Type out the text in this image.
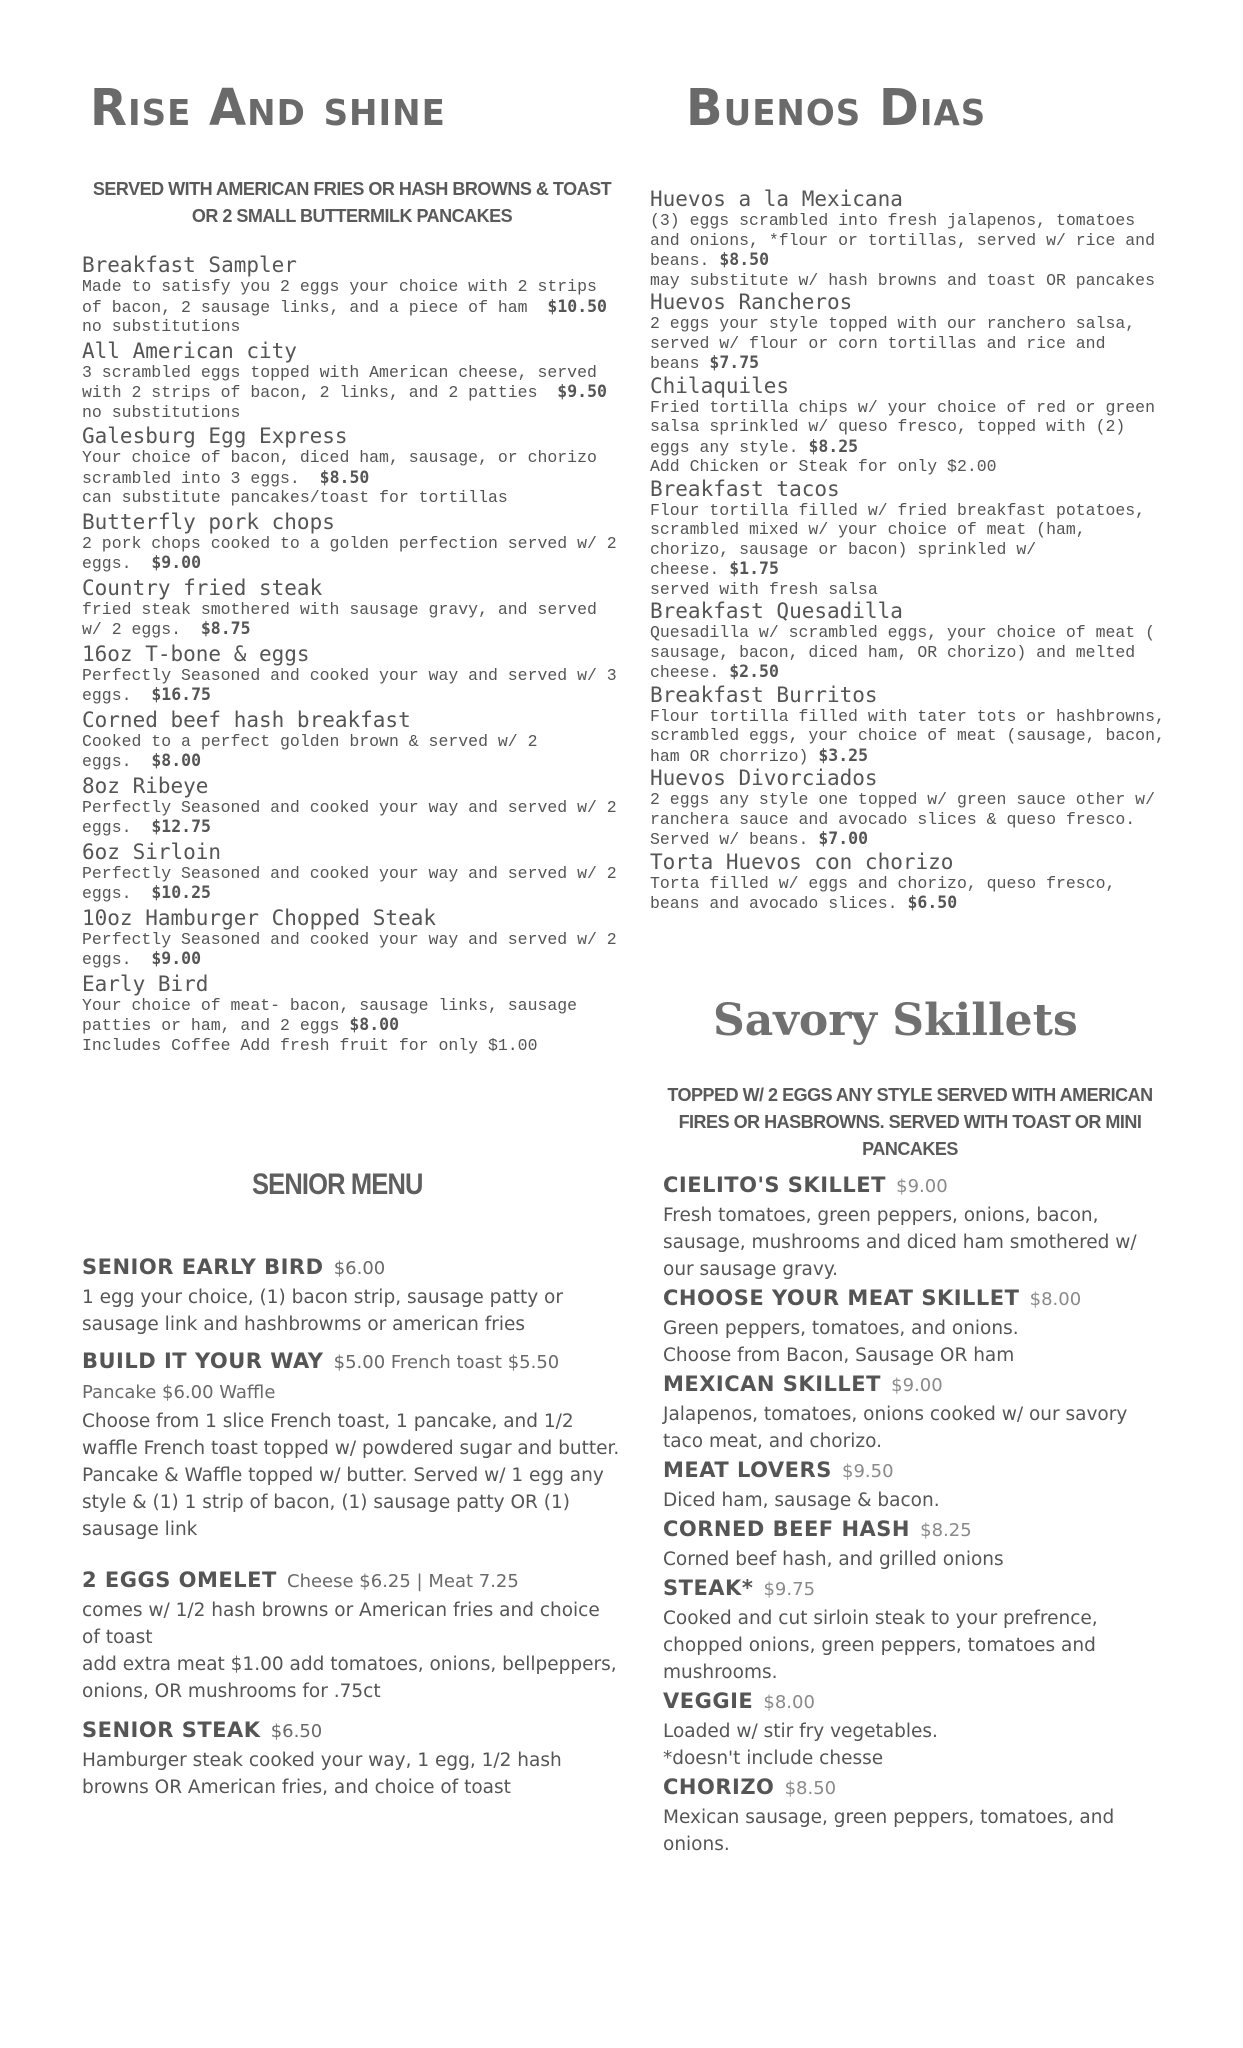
Rise And shine

SERVED WITH AMERICAN FRIES OR HASH BROWNS & TOAST OR 2 SMALL BUTTERMILK PANCAKES

Breakfast Sampler
Made to satisfy you 2 eggs your choice with 2 strips of bacon, 2 sausage links, and a piece of ham $10.50
no substitutions
All American city
3 scrambled eggs topped with American cheese, served with 2 strips of bacon, 2 links, and 2 patties $9.50
no substitutions
Galesburg Egg Express
Your choice of bacon, diced ham, sausage, or chorizo scrambled into 3 eggs. $8.50
can substitute pancakes/toast for tortillas
Butterfly pork chops
2 pork chops cooked to a golden perfection served w/ 2 eggs. $9.00
Country fried steak
fried steak smothered with sausage gravy, and served w/ 2 eggs. $8.75
16oz T-bone & eggs
Perfectly Seasoned and cooked your way and served w/ 3 eggs. $16.75
Corned beef hash breakfast
Cooked to a perfect golden brown & served w/ 2 eggs. $8.00
8oz Ribeye
Perfectly Seasoned and cooked your way and served w/ 2 eggs. $12.75
6oz Sirloin
Perfectly Seasoned and cooked your way and served w/ 2 eggs. $10.25
10oz Hamburger Chopped Steak
Perfectly Seasoned and cooked your way and served w/ 2 eggs. $9.00
Early Bird
Your choice of meat- bacon, sausage links, sausage patties or ham, and 2 eggs $8.00
Includes Coffee Add fresh fruit for only $1.00
SENIOR MENU
SENIOR EARLY BIRD $6.00
1 egg your choice, (1) bacon strip, sausage patty or sausage link and hashbrowms or american fries
BUILD IT YOUR WAY $5.00 French toast $5.50 Pancake $6.00 Waffle
Choose from 1 slice French toast, 1 pancake, and 1/2 waffle French toast topped w/ powdered sugar and butter. Pancake & Waffle topped w/ butter. Served w/ 1 egg any style & (1) 1 strip of bacon, (1) sausage patty OR (1) sausage link
2 EGGS OMELET Cheese $6.25 | Meat 7.25
comes w/ 1/2 hash browns or American fries and choice of toast
add extra meat $1.00 add tomatoes, onions, bellpeppers, onions, OR mushrooms for .75ct
SENIOR STEAK $6.50
Hamburger steak cooked your way, 1 egg, 1/2 hash browns OR American fries, and choice of toast
Buenos Dias
Huevos a la Mexicana
(3) eggs scrambled into fresh jalapenos, tomatoes and onions, *flour or tortillas, served w/ rice and beans. $8.50
may substitute w/ hash browns and toast OR pancakes
Huevos Rancheros
2 eggs your style topped with our ranchero salsa, served w/ flour or corn tortillas and rice and beans $7.75
Chilaquiles
Fried tortilla chips w/ your choice of red or green salsa sprinkled w/ queso fresco, topped with (2) eggs any style. $8.25
Add Chicken or Steak for only $2.00
Breakfast tacos
Flour tortilla filled w/ fried breakfast potatoes, scrambled mixed w/ your choice of meat (ham, chorizo, sausage or bacon) sprinkled w/ cheese. $1.75
served with fresh salsa
Breakfast Quesadilla
Quesadilla w/ scrambled eggs, your choice of meat ( sausage, bacon, diced ham, OR chorizo) and melted cheese. $2.50
Breakfast Burritos
Flour tortilla filled with tater tots or hashbrowns, scrambled eggs, your choice of meat (sausage, bacon, ham OR chorrizo) $3.25
Huevos Divorciados
2 eggs any style one topped w/ green sauce other w/ ranchera sauce and avocado slices & queso fresco. Served w/ beans. $7.00
Torta Huevos con chorizo
Torta filled w/ eggs and chorizo, queso fresco, beans and avocado slices. $6.50
Savory Skillets

TOPPED W/ 2 EGGS ANY STYLE SERVED WITH AMERICAN FIRES OR HASBROWNS. SERVED WITH TOAST OR MINI PANCAKES

CIELITO'S SKILLET $9.00
Fresh tomatoes, green peppers, onions, bacon, sausage, mushrooms and diced ham smothered w/ our sausage gravy.
CHOOSE YOUR MEAT SKILLET $8.00
Green peppers, tomatoes, and onions.
Choose from Bacon, Sausage OR ham
MEXICAN SKILLET $9.00
Jalapenos, tomatoes, onions cooked w/ our savory taco meat, and chorizo.
MEAT LOVERS $9.50
Diced ham, sausage & bacon.
CORNED BEEF HASH $8.25
Corned beef hash, and grilled onions
STEAK* $9.75
Cooked and cut sirloin steak to your prefrence, chopped onions, green peppers, tomatoes and mushrooms.
VEGGIE $8.00
Loaded w/ stir fry vegetables.
*doesn't include chesse
CHORIZO $8.50
Mexican sausage, green peppers, tomatoes, and onions.
